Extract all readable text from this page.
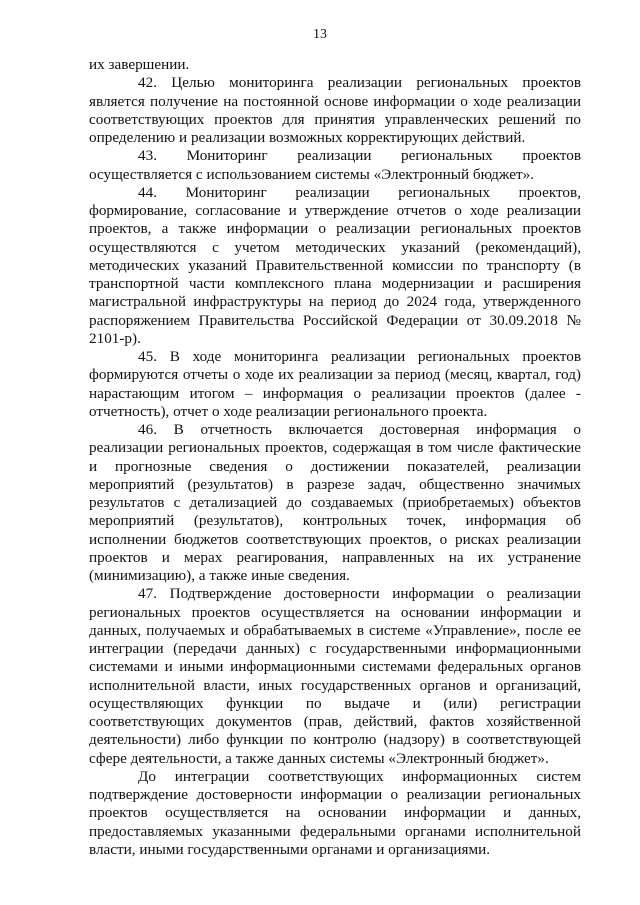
13

их завершении.

42. Целью мониторинга реализации региональных проектов является получение на постоянной основе информации о ходе реализации соответствующих проектов для принятия управленческих решений по определению и реализации возможных корректирующих действий.

43. Мониторинг реализации региональных проектов осуществляется с использованием системы «Электронный бюджет».

44. Мониторинг реализации региональных проектов, формирование, согласование и утверждение отчетов о ходе реализации проектов, а также информации о реализации региональных проектов осуществляются с учетом методических указаний (рекомендаций), методических указаний Правительственной комиссии по транспорту (в транспортной части комплексного плана модернизации и расширения магистральной инфраструктуры на период до 2024 года, утвержденного распоряжением Правительства Российской Федерации от 30.09.2018 № 2101-р).

45. В ходе мониторинга реализации региональных проектов формируются отчеты о ходе их реализации за период (месяц, квартал, год) нарастающим итогом – информация о реализации проектов (далее - отчетность), отчет о ходе реализации регионального проекта.

46. В отчетность включается достоверная информация о реализации региональных проектов, содержащая в том числе фактические и прогнозные сведения о достижении показателей, реализации мероприятий (результатов) в разрезе задач, общественно значимых результатов с детализацией до создаваемых (приобретаемых) объектов мероприятий (результатов), контрольных точек, информация об исполнении бюджетов соответствующих проектов, о рисках реализации проектов и мерах реагирования, направленных на их устранение (минимизацию), а также иные сведения.

47. Подтверждение достоверности информации о реализации региональных проектов осуществляется на основании информации и данных, получаемых и обрабатываемых в системе «Управление», после ее интеграции (передачи данных) с государственными информационными системами и иными информационными системами федеральных органов исполнительной власти, иных государственных органов и организаций, осуществляющих функции по выдаче и (или) регистрации соответствующих документов (прав, действий, фактов хозяйственной деятельности) либо функции по контролю (надзору) в соответствующей сфере деятельности, а также данных системы «Электронный бюджет».

До интеграции соответствующих информационных систем подтверждение достоверности информации о реализации региональных проектов осуществляется на основании информации и данных, предоставляемых указанными федеральными органами исполнительной власти, иными государственными органами и организациями.
